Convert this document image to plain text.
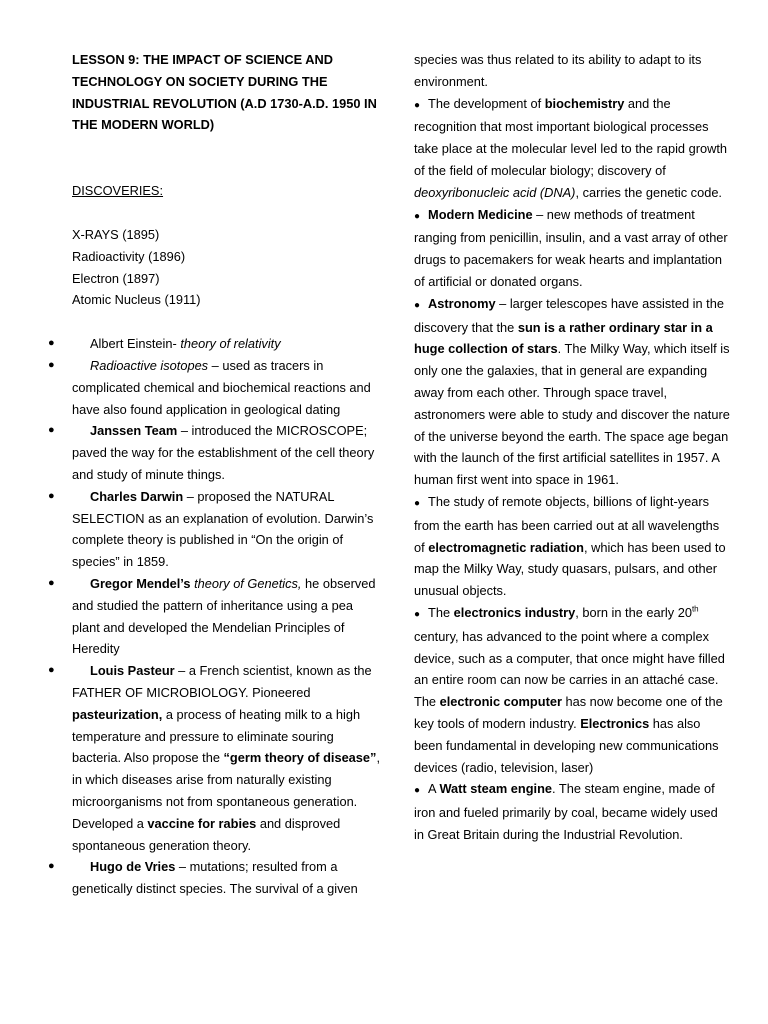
LESSON 9: THE IMPACT OF SCIENCE AND TECHNOLOGY ON SOCIETY DURING THE INDUSTRIAL REVOLUTION (A.D 1730-A.D. 1950 IN THE MODERN WORLD)

DISCOVERIES:

X-RAYS (1895)

Radioactivity (1896)

Electron (1897)

Atomic Nucleus (1911)

●	Albert Einstein- theory of relativity

●	Radioactive isotopes – used as tracers in complicated chemical and biochemical reactions and have also found application in geological dating

●	Janssen Team – introduced the MICROSCOPE; paved the way for the establishment of the cell theory and study of minute things.

●	Charles Darwin – proposed the NATURAL SELECTION as an explanation of evolution. Darwin’s complete theory is published in “On the origin of species” in 1859.

●	Gregor Mendel’s theory of Genetics, he observed and studied the pattern of inheritance using a pea plant and developed the Mendelian Principles of Heredity

●	Louis Pasteur – a French scientist, known as the FATHER OF MICROBIOLOGY. Pioneered pasteurization, a process of heating milk to a high temperature and pressure to eliminate souring bacteria. Also propose the “germ theory of disease”, in which diseases arise from naturally existing microorganisms not from spontaneous generation. Developed a vaccine for rabies and disproved spontaneous generation theory.

●	Hugo de Vries – mutations; resulted from a genetically distinct species. The survival of a given

species was thus related to its ability to adapt to its environment.

● The development of biochemistry and the recognition that most important biological processes take place at the molecular level led to the rapid growth of the field of molecular biology; discovery of deoxyribonucleic acid (DNA), carries the genetic code.

● Modern Medicine – new methods of treatment ranging from penicillin, insulin, and a vast array of other drugs to pacemakers for weak hearts and implantation of artificial or donated organs.

● Astronomy – larger telescopes have assisted in the discovery that the sun is a rather ordinary star in a huge collection of stars. The Milky Way, which itself is only one the galaxies, that in general are expanding away from each other. Through space travel, astronomers were able to study and discover the nature of the universe beyond the earth. The space age began with the launch of the first artificial satellites in 1957. A human first went into space in 1961.

● The study of remote objects, billions of light-years from the earth has been carried out at all wavelengths of electromagnetic radiation, which has been used to map the Milky Way, study quasars, pulsars, and other unusual objects.

● The electronics industry, born in the early 20th century, has advanced to the point where a complex device, such as a computer, that once might have filled an entire room can now be carries in an attaché case. The electronic computer has now become one of the key tools of modern industry. Electronics has also been fundamental in developing new communications devices (radio, television, laser)

● A Watt steam engine. The steam engine, made of iron and fueled primarily by coal, became widely used in Great Britain during the Industrial Revolution.
